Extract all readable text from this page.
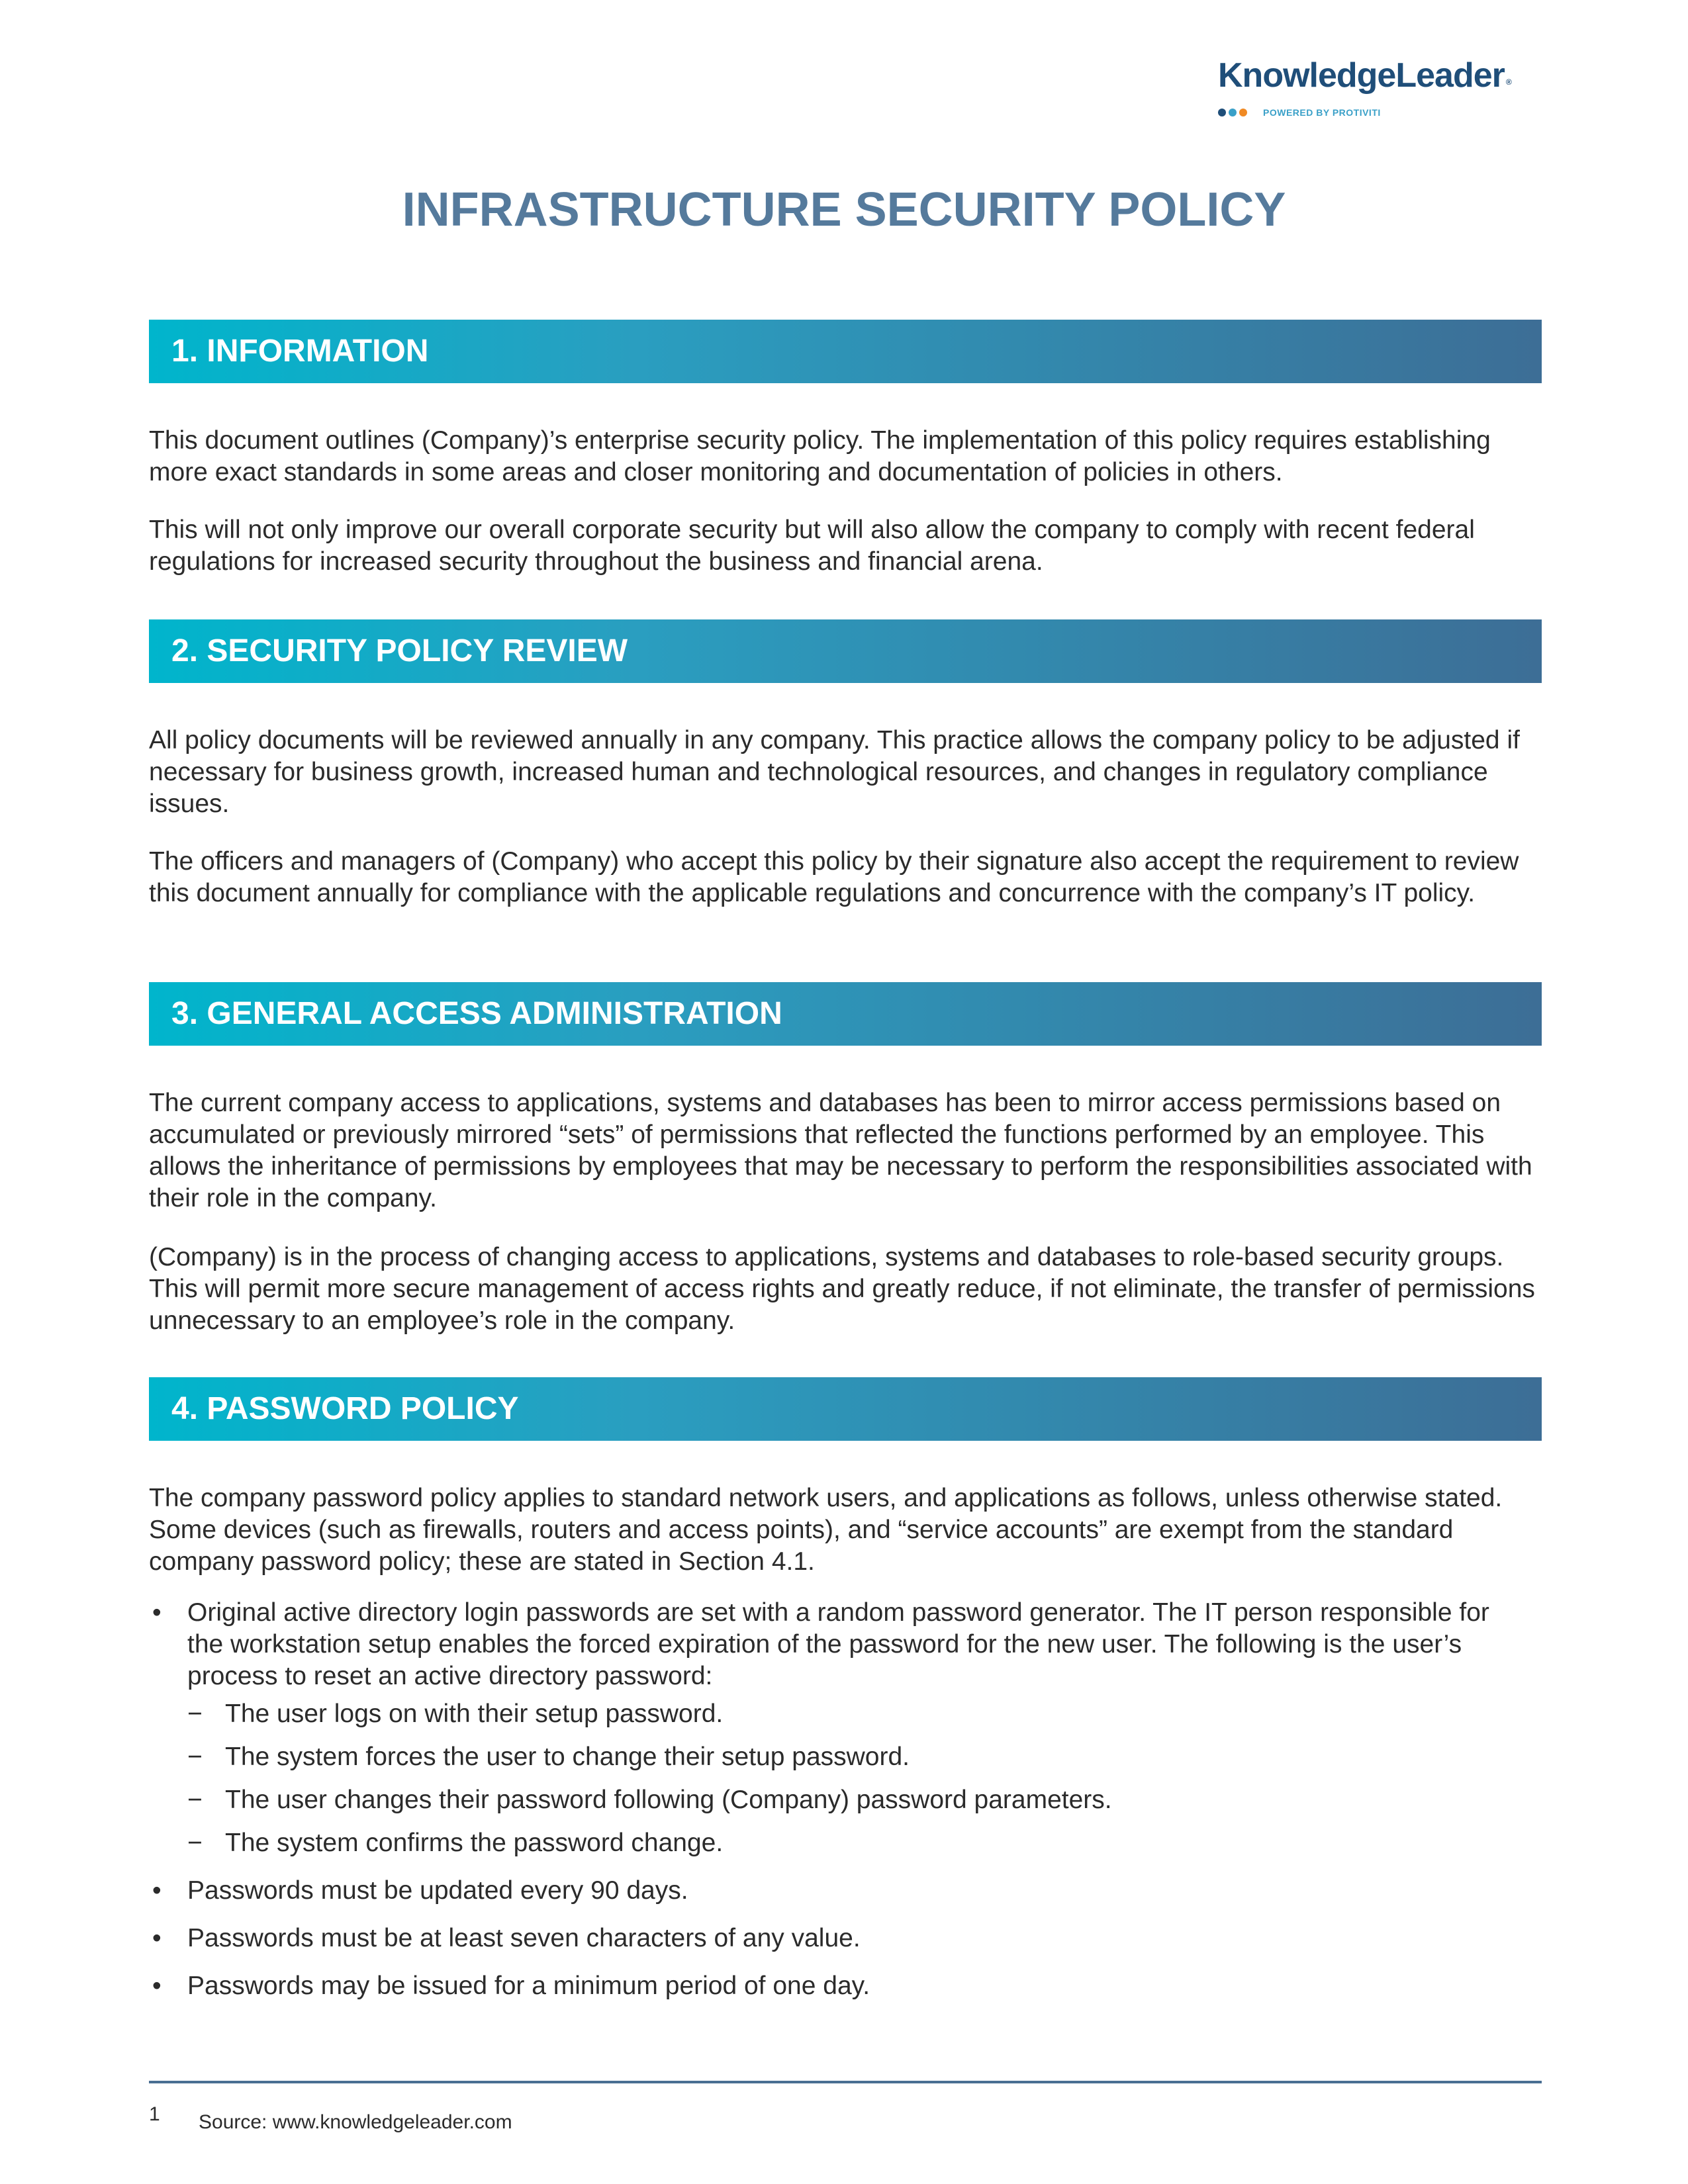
KnowledgeLeader ®
POWERED BY PROTIVITI
INFRASTRUCTURE SECURITY POLICY
1. INFORMATION

This document outlines (Company)’s enterprise security policy. The implementation of this policy requires establishing more exact standards in some areas and closer monitoring and documentation of policies in others.

This will not only improve our overall corporate security but will also allow the company to comply with recent federal regulations for increased security throughout the business and financial arena.

2. SECURITY POLICY REVIEW

All policy documents will be reviewed annually in any company. This practice allows the company policy to be adjusted if necessary for business growth, increased human and technological resources, and changes in regulatory compliance issues.

The officers and managers of (Company) who accept this policy by their signature also accept the requirement to review this document annually for compliance with the applicable regulations and concurrence with the company’s IT policy.

3. GENERAL ACCESS ADMINISTRATION

The current company access to applications, systems and databases has been to mirror access permissions based on accumulated or previously mirrored “sets” of permissions that reflected the functions performed by an employee. This allows the inheritance of permissions by employees that may be necessary to perform the responsibilities associated with their role in the company.

(Company) is in the process of changing access to applications, systems and databases to role-based security groups. This will permit more secure management of access rights and greatly reduce, if not eliminate, the transfer of permissions unnecessary to an employee’s role in the company.

4. PASSWORD POLICY

The company password policy applies to standard network users, and applications as follows, unless otherwise stated. Some devices (such as firewalls, routers and access points), and “service accounts” are exempt from the standard company password policy; these are stated in Section 4.1.

• Original active directory login passwords are set with a random password generator. The IT person responsible for the workstation setup enables the forced expiration of the password for the new user. The following is the user’s process to reset an active directory password:
− The user logs on with their setup password.
− The system forces the user to change their setup password.
− The user changes their password following (Company) password parameters.
− The system confirms the password change.
• Passwords must be updated every 90 days.
• Passwords must be at least seven characters of any value.
• Passwords may be issued for a minimum period of one day.
1 Source: www.knowledgeleader.com
